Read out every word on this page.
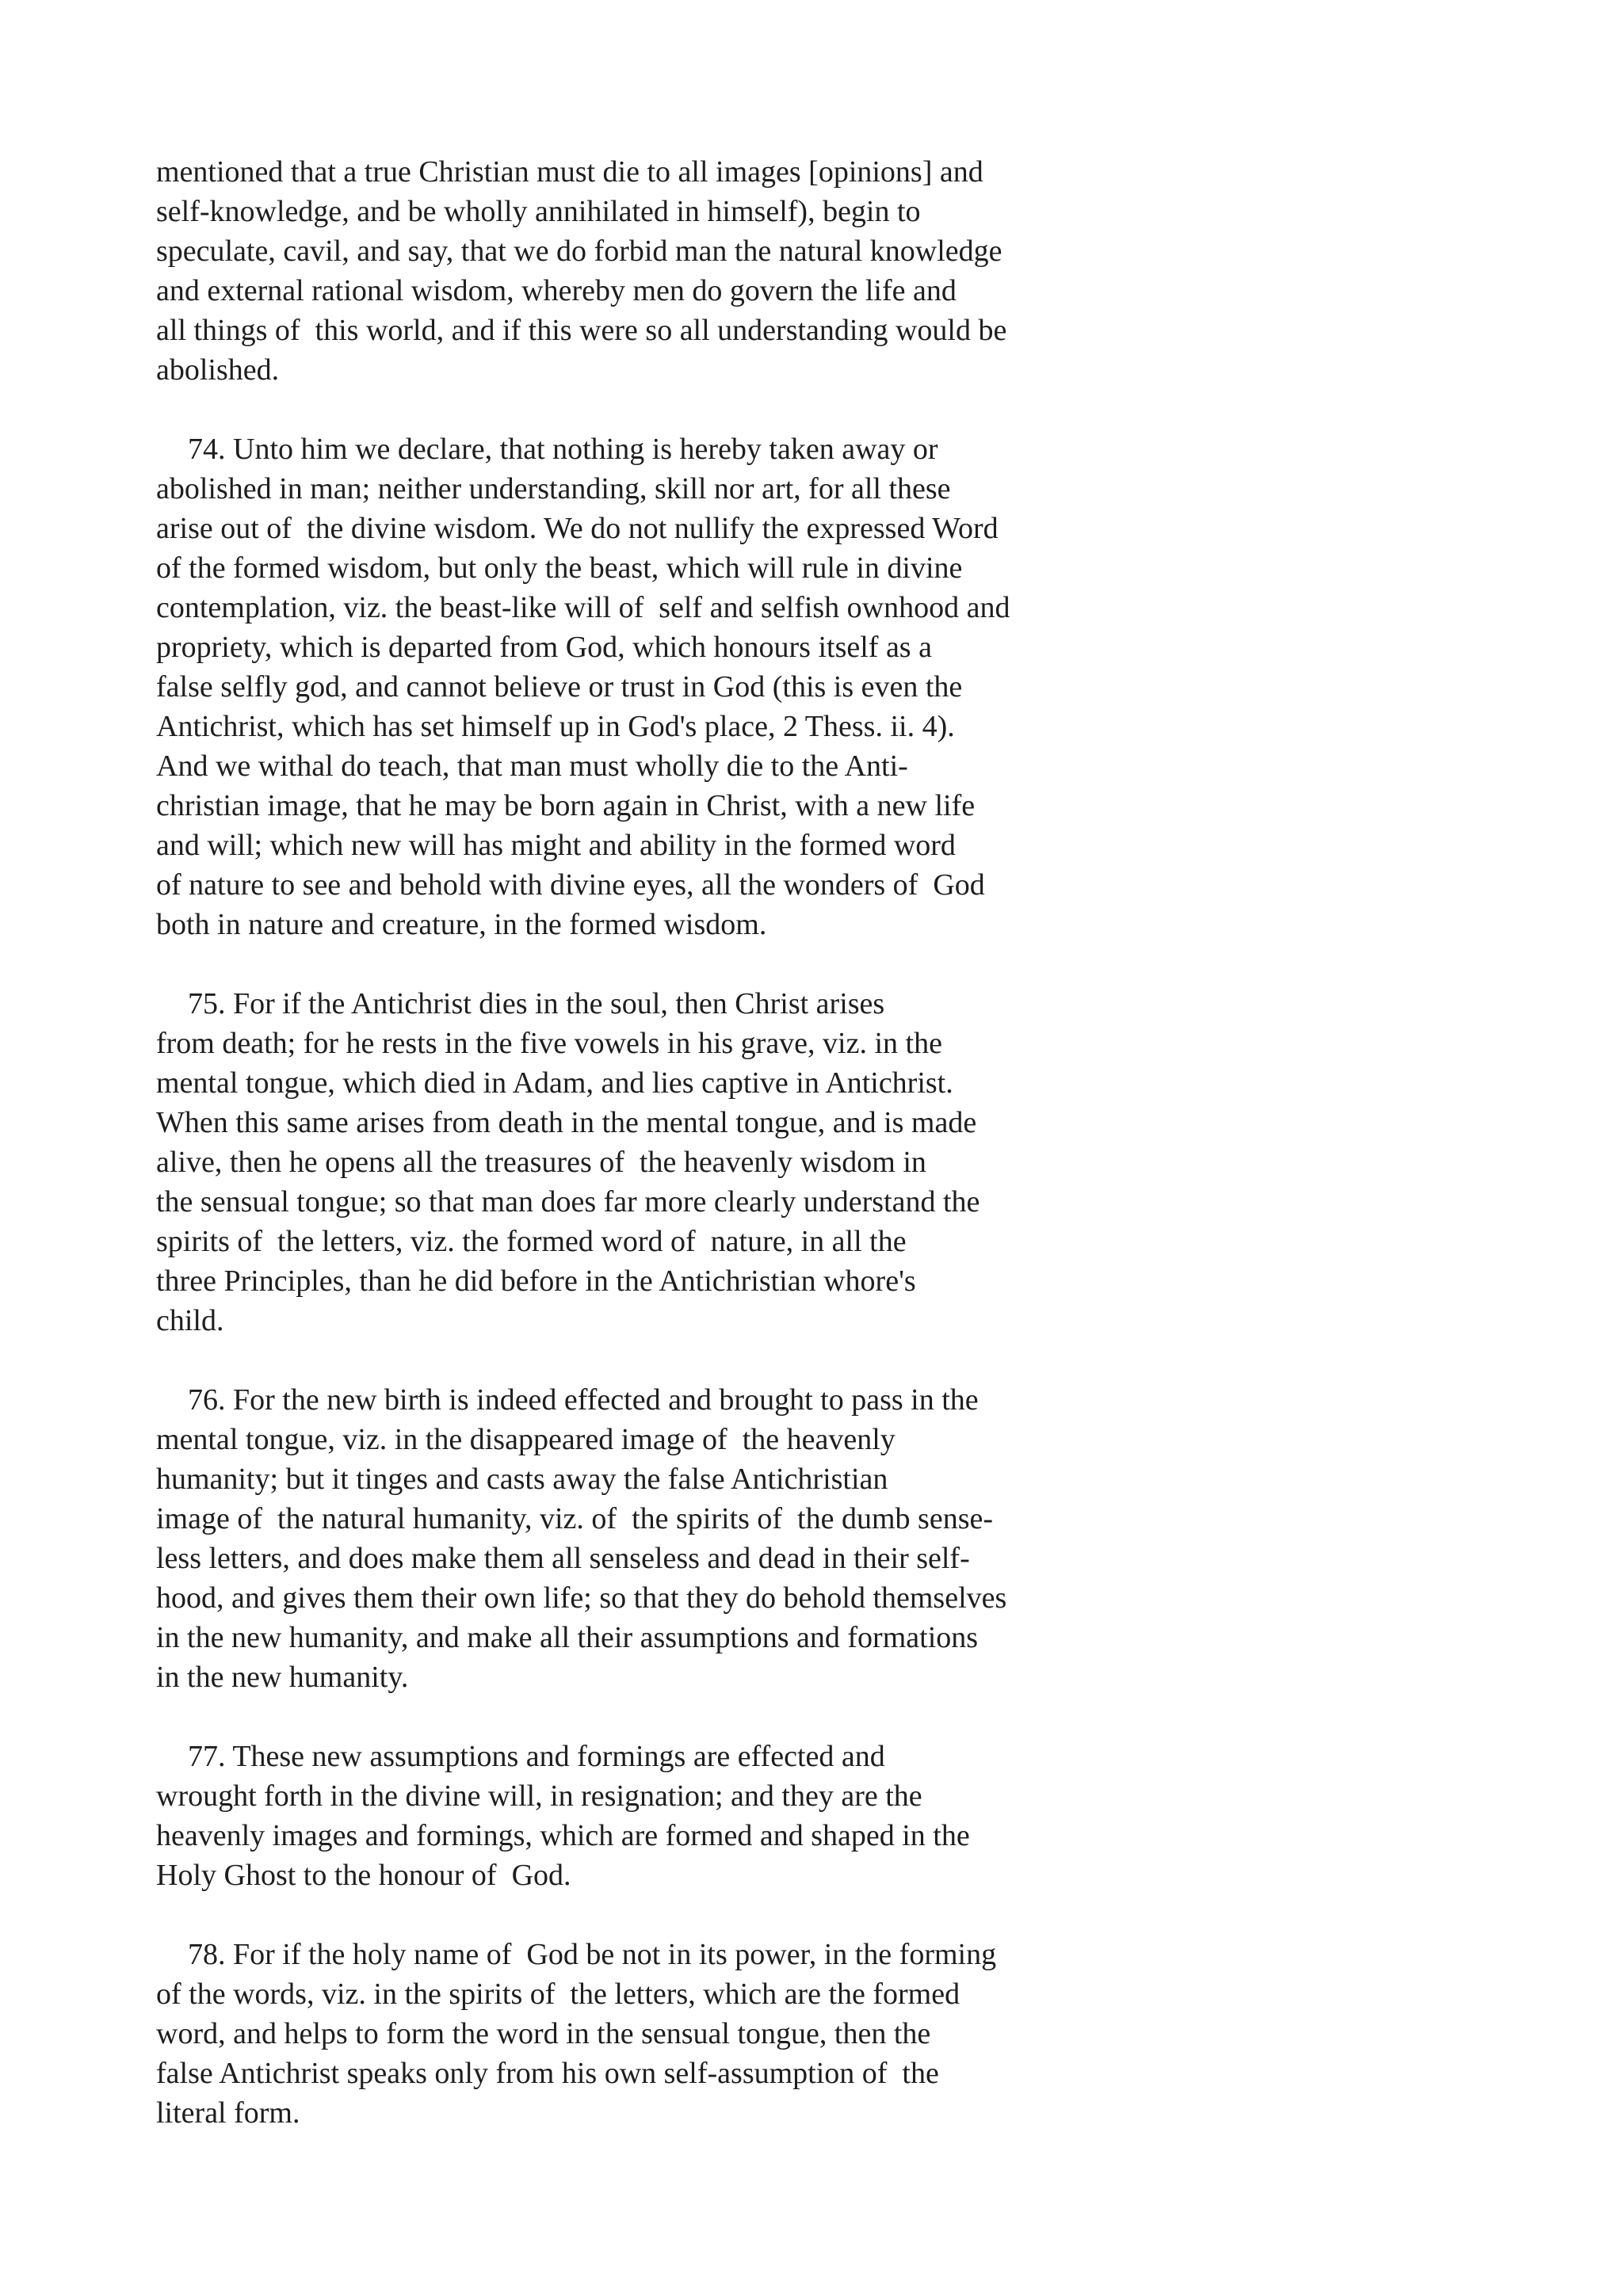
mentioned that a true Christian must die to all images [opinions] and
self-knowledge, and be wholly annihilated in himself), begin to
speculate, cavil, and say, that we do forbid man the natural knowledge
and external rational wisdom, whereby men do govern the life and
all things of  this world, and if this were so all understanding would be
abolished.
74. Unto him we declare, that nothing is hereby taken away or
abolished in man; neither understanding, skill nor art, for all these
arise out of  the divine wisdom. We do not nullify the expressed Word
of the formed wisdom, but only the beast, which will rule in divine
contemplation, viz. the beast-like will of  self and selfish ownhood and
propriety, which is departed from God, which honours itself as a
false selfly god, and cannot believe or trust in God (this is even the
Antichrist, which has set himself up in God's place, 2 Thess. ii. 4).
And we withal do teach, that man must wholly die to the Anti-
christian image, that he may be born again in Christ, with a new life
and will; which new will has might and ability in the formed word
of nature to see and behold with divine eyes, all the wonders of  God
both in nature and creature, in the formed wisdom.
75. For if the Antichrist dies in the soul, then Christ arises
from death; for he rests in the five vowels in his grave, viz. in the
mental tongue, which died in Adam, and lies captive in Antichrist.
When this same arises from death in the mental tongue, and is made
alive, then he opens all the treasures of  the heavenly wisdom in
the sensual tongue; so that man does far more clearly understand the
spirits of  the letters, viz. the formed word of  nature, in all the
three Principles, than he did before in the Antichristian whore's
child.
76. For the new birth is indeed effected and brought to pass in the
mental tongue, viz. in the disappeared image of  the heavenly
humanity; but it tinges and casts away the false Antichristian
image of  the natural humanity, viz. of  the spirits of  the dumb sense-
less letters, and does make them all senseless and dead in their self-
hood, and gives them their own life; so that they do behold themselves
in the new humanity, and make all their assumptions and formations
in the new humanity.
77. These new assumptions and formings are effected and
wrought forth in the divine will, in resignation; and they are the
heavenly images and formings, which are formed and shaped in the
Holy Ghost to the honour of  God.
78. For if the holy name of  God be not in its power, in the forming
of the words, viz. in the spirits of  the letters, which are the formed
word, and helps to form the word in the sensual tongue, then the
false Antichrist speaks only from his own self-assumption of  the
literal form.
